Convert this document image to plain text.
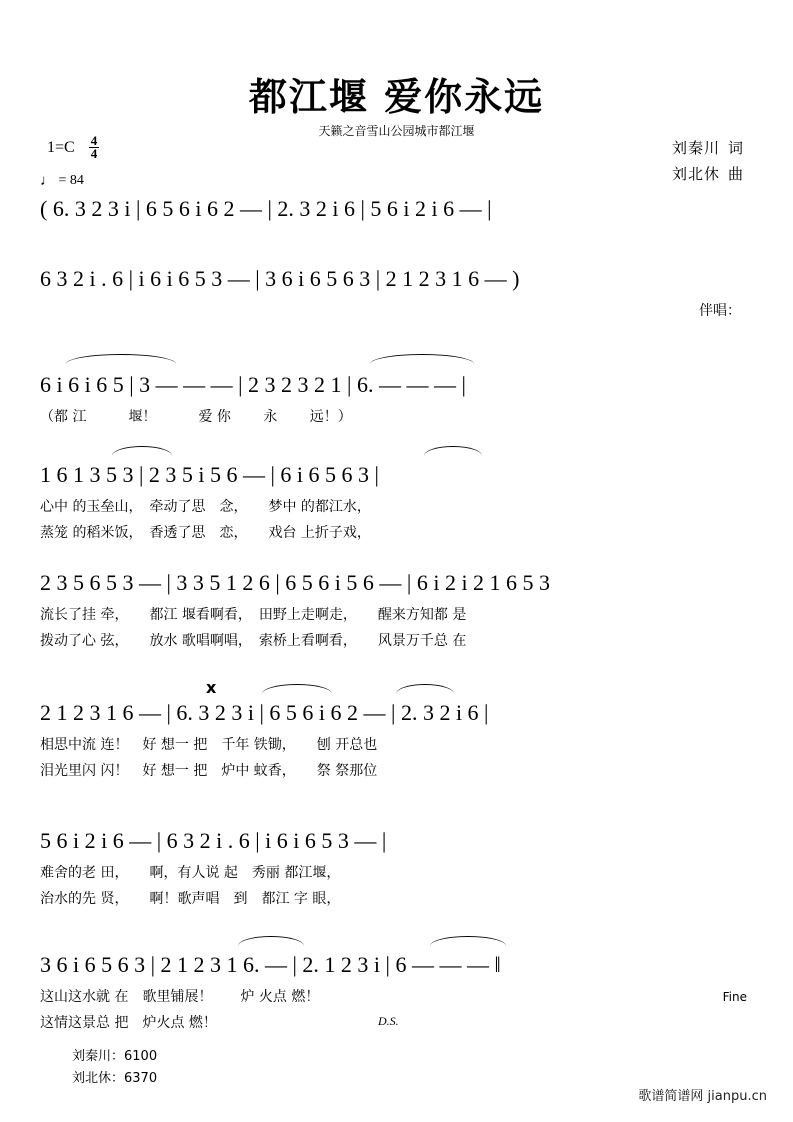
都江堰 爱你永远
天籁之音雪山公园城市都江堰
$1=C \frac{4}{4}$
♩ = 84
刘秦川 词
刘北休 曲
( 6. 3 2 3 i | 6 5 6 i 6 2 — | 2. 3 2 i 6 | 5 6 i 2 i 6 — |
6 3 2 i . 6 | i 6 i 6 5 3 — | 3 6 i 6 5 6 3 | 2 1 2 3 1 6 — )
伴唱：
6 i 6 i 6 5 | 3 — — — | 2 3 2 3 2 1 | 6. — — — |
（都 江　　　堰！　　　爱 你　　 永　　 远！）
1 6 1 3 5 3 | 2 3 5 i 5 6 — | 6 i 6 5 6 3 |
心中 的玉垒山，　牵动了思　念，　　梦中 的都江水，
蒸笼 的稻米饭，　香透了思　恋，　　戏台 上折子戏，
2 3 5 6 5 3 — | 3 3 5 1 2 6 | 6 5 6 i 5 6 — | 6 i 2 i 2 1 6 5 3
流长了挂 牵，　　都江 堰看啊看，　田野上走啊走，　　醒来方知都 是
拨动了心 弦，　　放水 歌唱啊唱，　索桥上看啊看，　　风景万千总 在
x
2 1 2 3 1 6 — | 6. 3 2 3 i | 6 5 6 i 6 2 — | 2. 3 2 i 6 |
相思中流 连！　好 想一 把　千年 铁锄，　　刨 开总也
泪光里闪 闪！　好 想一 把　炉中 蚊香，　　祭 祭那位
5 6 i 2 i 6 — | 6 3 2 i . 6 | i 6 i 6 5 3 — |
难舍的老 田，　　啊，有人说 起　秀丽 都江堰，
治水的先 贤，　　啊！歌声唱　到　都江 字 眼，
3 6 i 6 5 6 3 | 2 1 2 3 1 6. — | 2. 1 2 3 i | 6 — — — ‖
这山这水就 在　歌里铺展！　　炉 火点 燃！
这情这景总 把　炉火点 燃！
Fine
D.S.
刘秦川：6100
刘北休：6370
歌谱简谱网 jianpu.cn
